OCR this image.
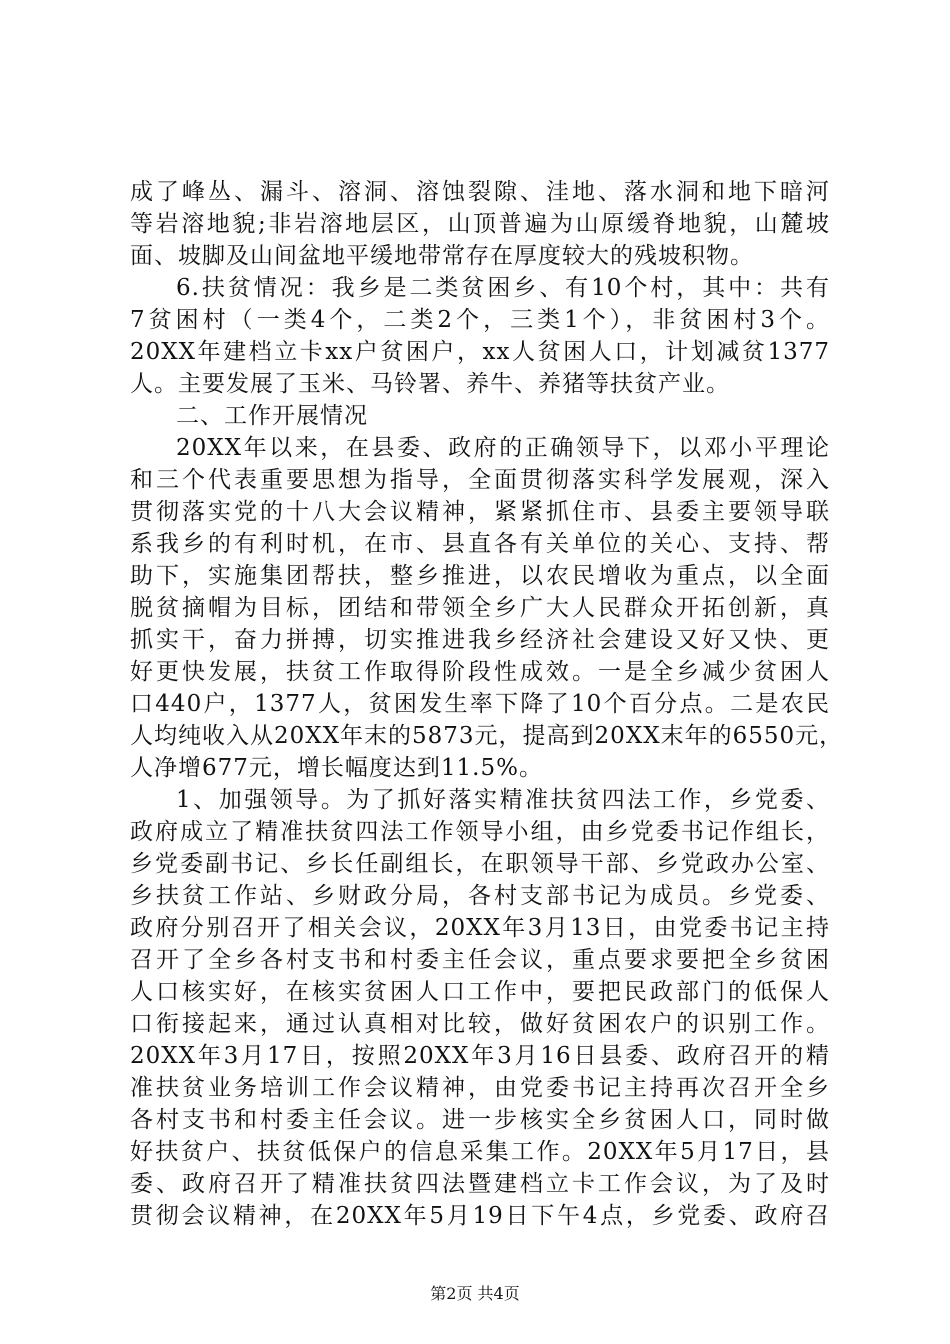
成了峰丛、漏斗、溶洞、溶蚀裂隙、洼地、落水洞和地下暗河
等岩溶地貌;非岩溶地层区，山顶普遍为山原缓脊地貌，山麓坡
面、坡脚及山间盆地平缓地带常存在厚度较大的残坡积物。
6.扶贫情况：我乡是二类贫困乡、有10个村，其中：共有
7贫困村（一类4个，二类2个，三类1个），非贫困村3个。
20XX年建档立卡xx户贫困户，xx人贫困人口，计划减贫1377
人。主要发展了玉米、马铃署、养牛、养猪等扶贫产业。
二、工作开展情况
20XX年以来，在县委、政府的正确领导下，以邓小平理论
和三个代表重要思想为指导，全面贯彻落实科学发展观，深入
贯彻落实党的十八大会议精神，紧紧抓住市、县委主要领导联
系我乡的有利时机，在市、县直各有关单位的关心、支持、帮
助下，实施集团帮扶，整乡推进，以农民增收为重点，以全面
脱贫摘帽为目标，团结和带领全乡广大人民群众开拓创新，真
抓实干，奋力拼搏，切实推进我乡经济社会建设又好又快、更
好更快发展，扶贫工作取得阶段性成效。一是全乡减少贫困人
口440户，1377人，贫困发生率下降了10个百分点。二是农民
人均纯收入从20XX年末的5873元，提高到20XX末年的6550元，
人净增677元，增长幅度达到11.5%。
1、加强领导。为了抓好落实精准扶贫四法工作，乡党委、
政府成立了精准扶贫四法工作领导小组，由乡党委书记作组长，
乡党委副书记、乡长任副组长，在职领导干部、乡党政办公室、
乡扶贫工作站、乡财政分局，各村支部书记为成员。乡党委、
政府分别召开了相关会议，20XX年3月13日，由党委书记主持
召开了全乡各村支书和村委主任会议，重点要求要把全乡贫困
人口核实好，在核实贫困人口工作中，要把民政部门的低保人
口衔接起来，通过认真相对比较，做好贫困农户的识别工作。
20XX年3月17日，按照20XX年3月16日县委、政府召开的精
准扶贫业务培训工作会议精神，由党委书记主持再次召开全乡
各村支书和村委主任会议。进一步核实全乡贫困人口，同时做
好扶贫户、扶贫低保户的信息采集工作。20XX年5月17日，县
委、政府召开了精准扶贫四法暨建档立卡工作会议，为了及时
贯彻会议精神，在20XX年5月19日下午4点，乡党委、政府召
第2页 共4页
